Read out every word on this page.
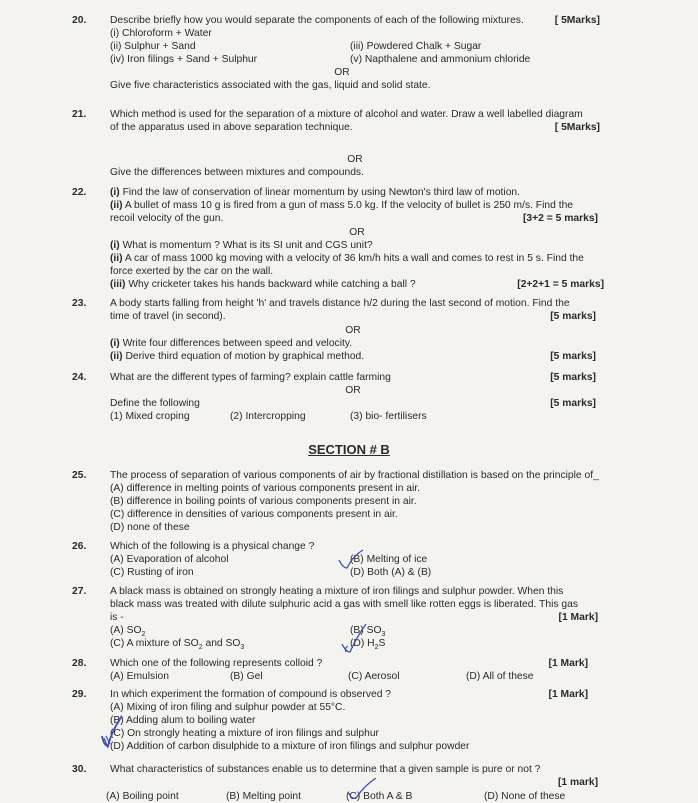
20. Describe briefly how you would separate the components of each of the following mixtures.	[ 5Marks]
(i) Chloroform + Water
(ii) Sulphur + Sand	(iii) Powdered Chalk + Sugar
(iv) Iron filings + Sand + Sulphur	(v) Napthalene and ammonium chloride
OR
Give five characteristics associated with the gas, liquid and solid state.
21. Which method is used for the separation of a mixture of alcohol and water. Draw a well labelled diagram
of the apparatus used in above separation technique.	[ 5Marks]
OR
Give the differences between mixtures and compounds.
22. (i) Find the law of conservation of linear momentum by using Newton's third law of motion.
(ii) A bullet of mass 10 g is fired from a gun of mass 5.0 kg. If the velocity of bullet is 250 m/s. Find the
recoil velocity of the gun.	[3+2 = 5 marks]
OR
(i) What is momentum ? What is its SI unit and CGS unit?
(ii) A car of mass 1000 kg moving with a velocity of 36 km/h hits a wall and comes to rest in 5 s. Find the
force exerted by the car on the wall.
(iii) Why cricketer takes his hands backward while catching a ball ?	[2+2+1 = 5 marks]
23. A body starts falling from height 'h' and travels distance h/2 during the last second of motion. Find the
time of travel (in second).	[5 marks]
OR
(i) Write four differences between speed and velocity.
(ii) Derive third equation of motion by graphical method.	[5 marks]
24. What are the different types of farming? explain cattle farming	[5 marks]
OR
Define the following	[5 marks]
(1) Mixed croping	(2) Intercropping	(3) bio- fertilisers
SECTION # B
25. The process of separation of various components of air by fractional distillation is based on the principle of_
(A) difference in melting points of various components present in air.
(B) difference in boiling points of various components present in air.
(C) difference in densities of various components present in air.
(D) none of these
26. Which of the following is a physical change ?
(A) Evaporation of alcohol	(B) Melting of ice
(C) Rusting of iron	(D) Both (A) & (B)
27. A black mass is obtained on strongly heating a mixture of iron filings and sulphur powder. When this
black mass was treated with dilute sulphuric acid a gas with smell like rotten eggs is liberated. This gas
is -	[1 Mark]
(A) $SO_2$	(B) $SO_3$
(C) A mixture of $SO_2$ and $SO_3$	(D) $H_2S$
28. Which one of the following represents colloid ?	[1 Mark]
(A) Emulsion	(B) Gel	(C) Aerosol	(D) All of these
29. In which experiment the formation of compound is observed ?	[1 Mark]
(A) Mixing of iron filing and sulphur powder at 55°C.
(B) Adding alum to boiling water
(C) On strongly heating a mixture of iron filings and sulphur
(D) Addition of carbon disulphide to a mixture of iron filings and sulphur powder
30. What characteristics of substances enable us to determine that a given sample is pure or not ?
[1 mark]
(A) Boiling point	(B) Melting point	(C) Both A & B	(D) None of these
